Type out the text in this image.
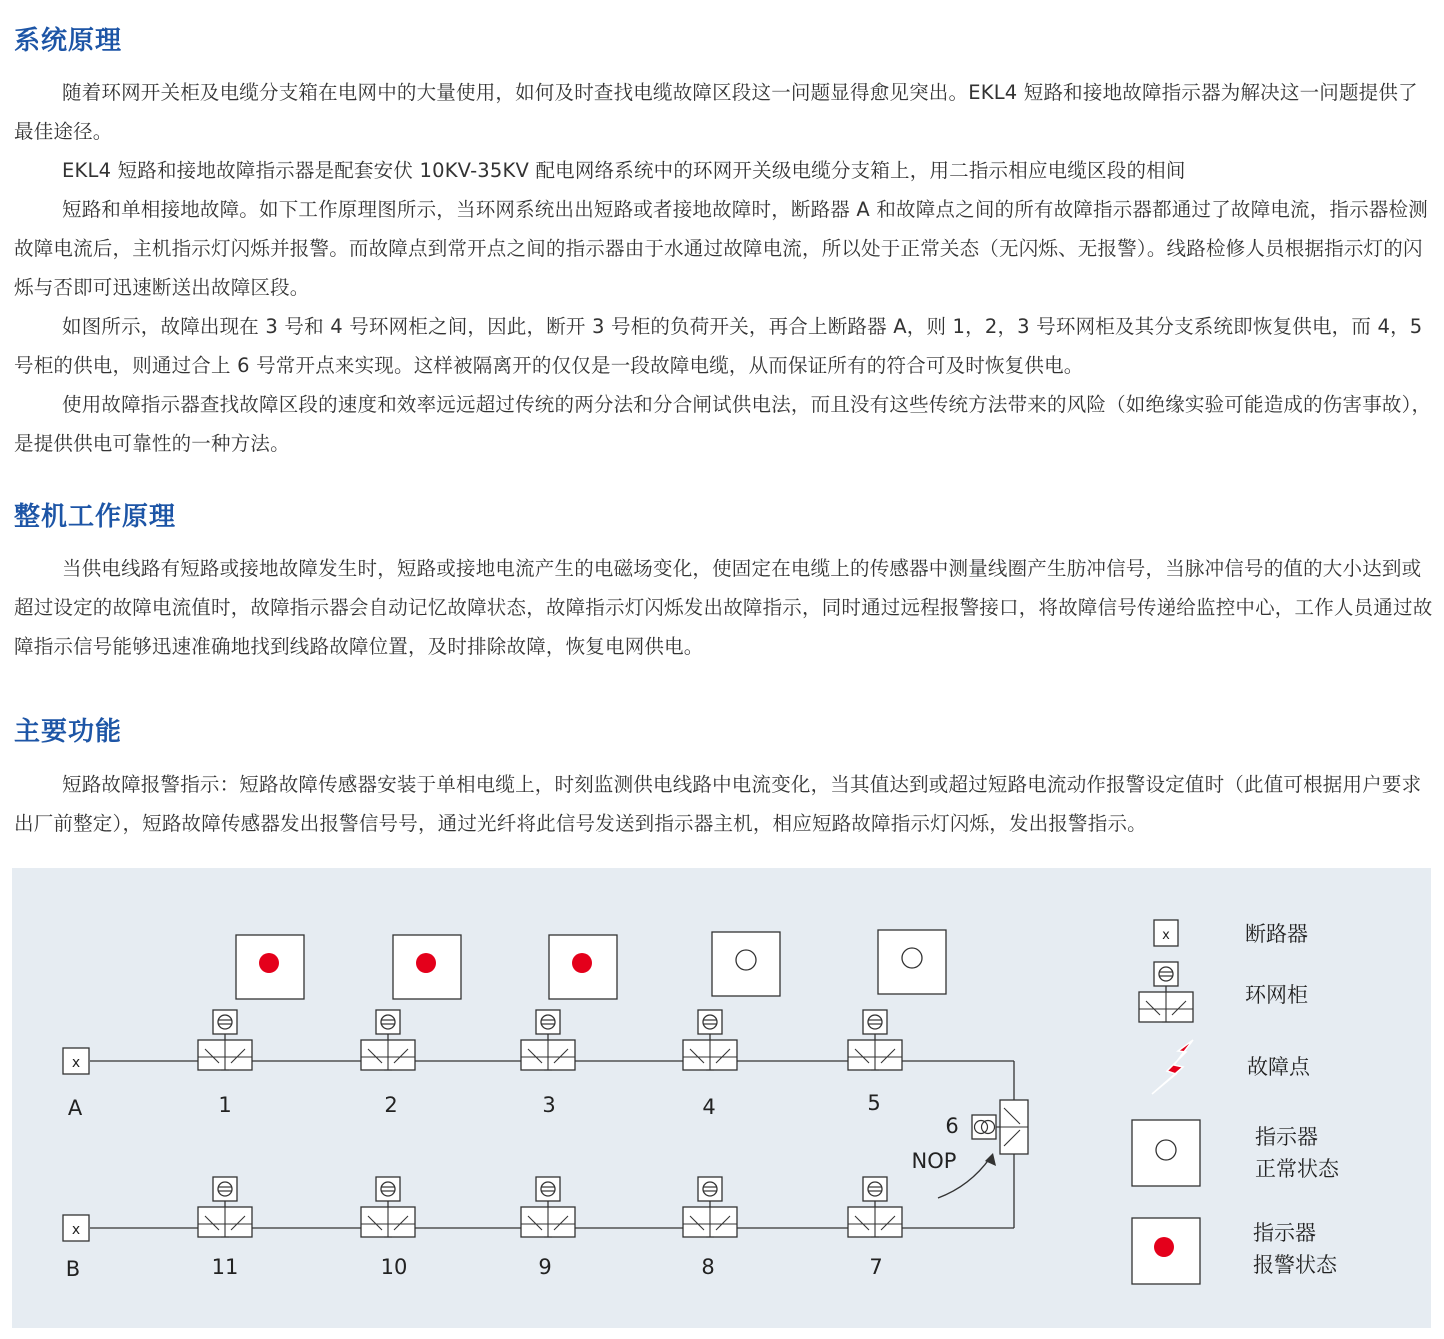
系统原理

随着环网开关柜及电缆分支箱在电网中的大量使用，如何及时查找电缆故障区段这一问题显得愈见突出。EKL4 短路和接地故障指示器为解决这一问题提供了最佳途径。

EKL4 短路和接地故障指示器是配套安伏 10KV-35KV 配电网络系统中的环网开关级电缆分支箱上，用二指示相应电缆区段的相间

短路和单相接地故障。如下工作原理图所示，当环网系统出出短路或者接地故障时，断路器 A 和故障点之间的所有故障指示器都通过了故障电流，指示器检测故障电流后，主机指示灯闪烁并报警。而故障点到常开点之间的指示器由于水通过故障电流，所以处于正常关态（无闪烁、无报警）。线路检修人员根据指示灯的闪烁与否即可迅速断送出故障区段。

如图所示，故障出现在 3 号和 4 号环网柜之间，因此，断开 3 号柜的负荷开关，再合上断路器 A，则 1，2，3 号环网柜及其分支系统即恢复供电，而 4，5 号柜的供电，则通过合上 6 号常开点来实现。这样被隔离开的仅仅是一段故障电缆，从而保证所有的符合可及时恢复供电。

使用故障指示器查找故障区段的速度和效率远远超过传统的两分法和分合闸试供电法，而且没有这些传统方法带来的风险（如绝缘实验可能造成的伤害事故），是提供供电可靠性的一种方法。

整机工作原理

当供电线路有短路或接地故障发生时，短路或接地电流产生的电磁场变化，使固定在电缆上的传感器中测量线圈产生肪冲信号，当脉冲信号的值的大小达到或超过设定的故障电流值时，故障指示器会自动记忆故障状态，故障指示灯闪烁发出故障指示，同时通过远程报警接口，将故障信号传递给监控中心，工作人员通过故障指示信号能够迅速准确地找到线路故障位置，及时排除故障，恢复电网供电。

主要功能

短路故障报警指示：短路故障传感器安装于单相电缆上，时刻监测供电线路中电流变化，当其值达到或超过短路电流动作报警设定值时（此值可根据用户要求出厂前整定），短路故障传感器发出报警信号号，通过光纤将此信号发送到指示器主机，相应短路故障指示灯闪烁，发出报警指示。

x
A
x
B
1	2	3	4	5
11	10	9	8	7
6
NOP
x	断路器
环网柜
故障点
指示器
正常状态
指示器
报警状态
